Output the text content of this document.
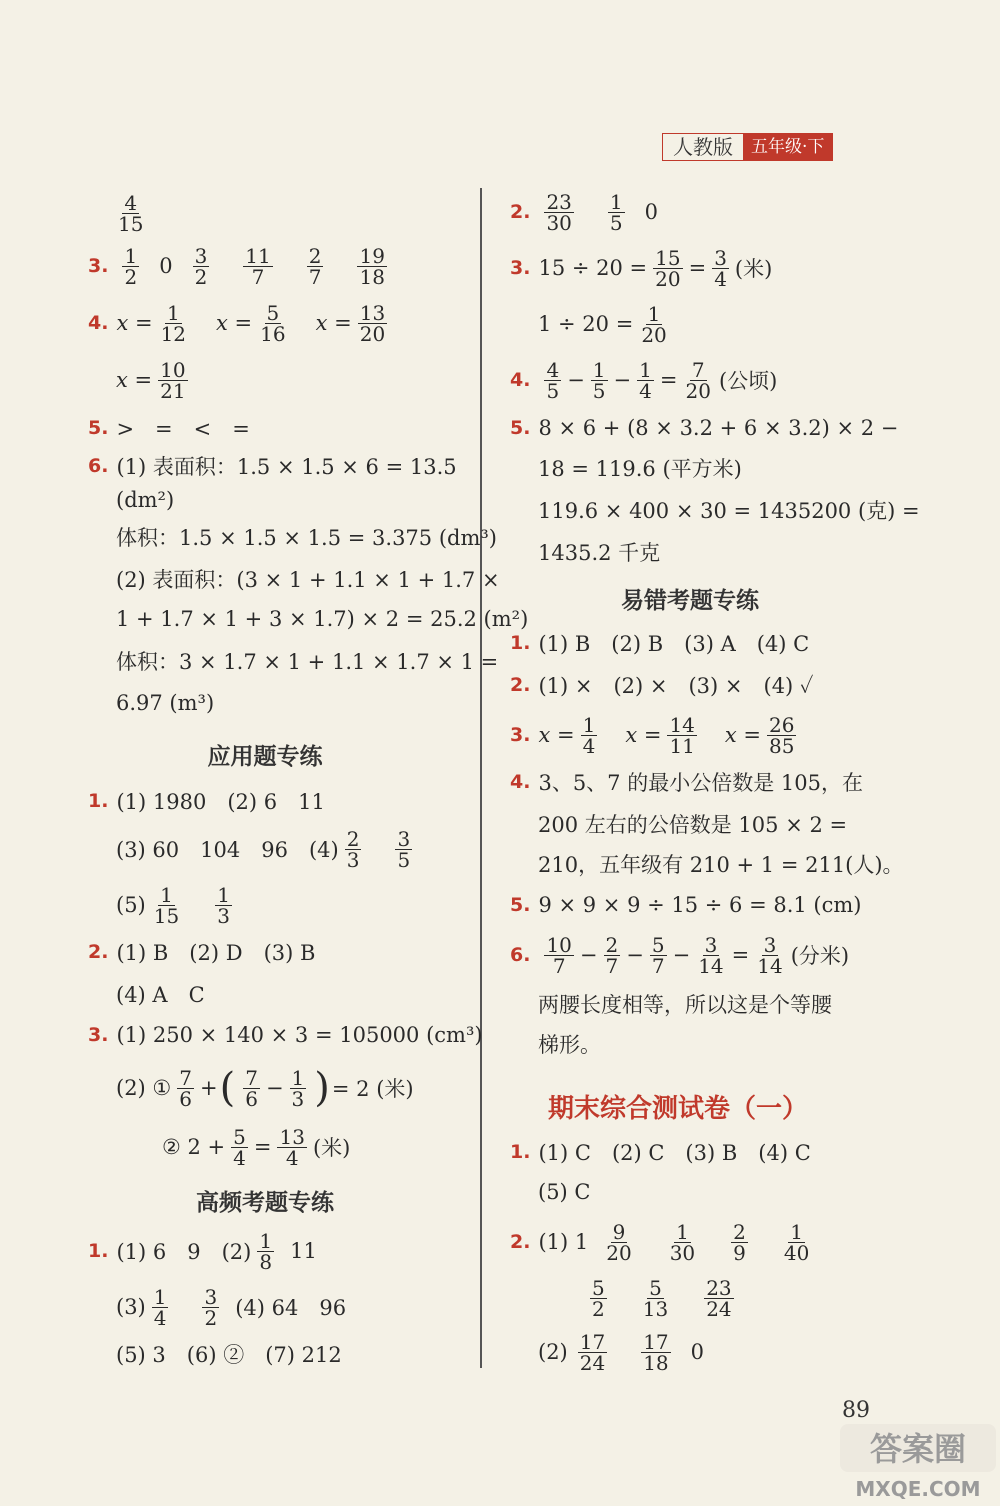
人教版	五年级·下
$\frac{4}{15}$
3. $\frac{1}{2} 0 \frac{3}{2} \frac{11}{7} \frac{2}{7} \frac{19}{18}$
4. $x = \frac{1}{12}$ $x = \frac{5}{16}$ $x = \frac{13}{20}$
$x = \frac{10}{21}$
5. >　=　<　=
6. (1) 表面积：1.5 × 1.5 × 6 = 13.5
(dm²)
体积：1.5 × 1.5 × 1.5 = 3.375 (dm³)
(2) 表面积：(3 × 1 + 1.1 × 1 + 1.7 ×
1 + 1.7 × 1 + 3 × 1.7) × 2 = 25.2 (m²)
体积：3 × 1.7 × 1 + 1.1 × 1.7 × 1 =
6.97 (m³)
应用题专练
1. (1) 1980　(2) 6　11
(3) 60　104　96　$(4) \frac{2}{3} \frac{3}{5}$
$(5) \frac{1}{15} \frac{1}{3}$
2. (1) B　(2) D　(3) B
(4) A　C
3. (1) 250 × 140 × 3 = 105000 (cm³)
(2) ① $\frac{7}{6}$ + ( $\frac{7}{6} - \frac{1}{3}$ ) = 2 (米)
② $2 + \frac{5}{4} = \frac{13}{4}$ (米)
高频考题专练
1. (1) 6　9　$(2) \frac{1}{8} 11$
$(3) \frac{1}{4} \frac{3}{2} (4)$ 64　96
(5) 3　(6) ②　(7) 212
2. $\frac{23}{30} \frac{1}{5} 0$
3. $15 \div 20 = \frac{15}{20} = \frac{3}{4}$ (米)
$1 \div 20 = \frac{1}{20}$
4. $\frac{4}{5} - \frac{1}{5} - \frac{1}{4} = \frac{7}{20}$ (公顷)
5. 8 × 6 + (8 × 3.2 + 6 × 3.2) × 2 −
18 = 119.6 (平方米)
119.6 × 400 × 30 = 1435200 (克) =
1435.2 千克
易错考题专练
1. (1) B　(2) B　(3) A　(4) C
2. (1) ×　(2) ×　(3) ×　(4) ✓
3. $x = \frac{1}{4}$ $x = \frac{14}{11}$ $x = \frac{26}{85}$
4. 3、5、7 的最小公倍数是 105，在
200 左右的公倍数是 105 × 2 =
210，五年级有 210 + 1 = 211(人)。
5. 9 × 9 × 9 ÷ 15 ÷ 6 = 8.1 (cm)
6. $\frac{10}{7} - \frac{2}{7} - \frac{5}{7} - \frac{3}{14} = \frac{3}{14}$ (分米)
两腰长度相等，所以这是个等腰
梯形。
期末综合测试卷（一）
1. (1) C　(2) C　(3) B　(4) C
(5) C
2. (1) $1 \frac{9}{20} \frac{1}{30} \frac{2}{9} \frac{1}{40}$
$\frac{5}{2} \frac{5}{13} \frac{23}{24}$
$(2) \frac{17}{24} \frac{17}{18} 0$
89
答案圈
MXQE.COM
